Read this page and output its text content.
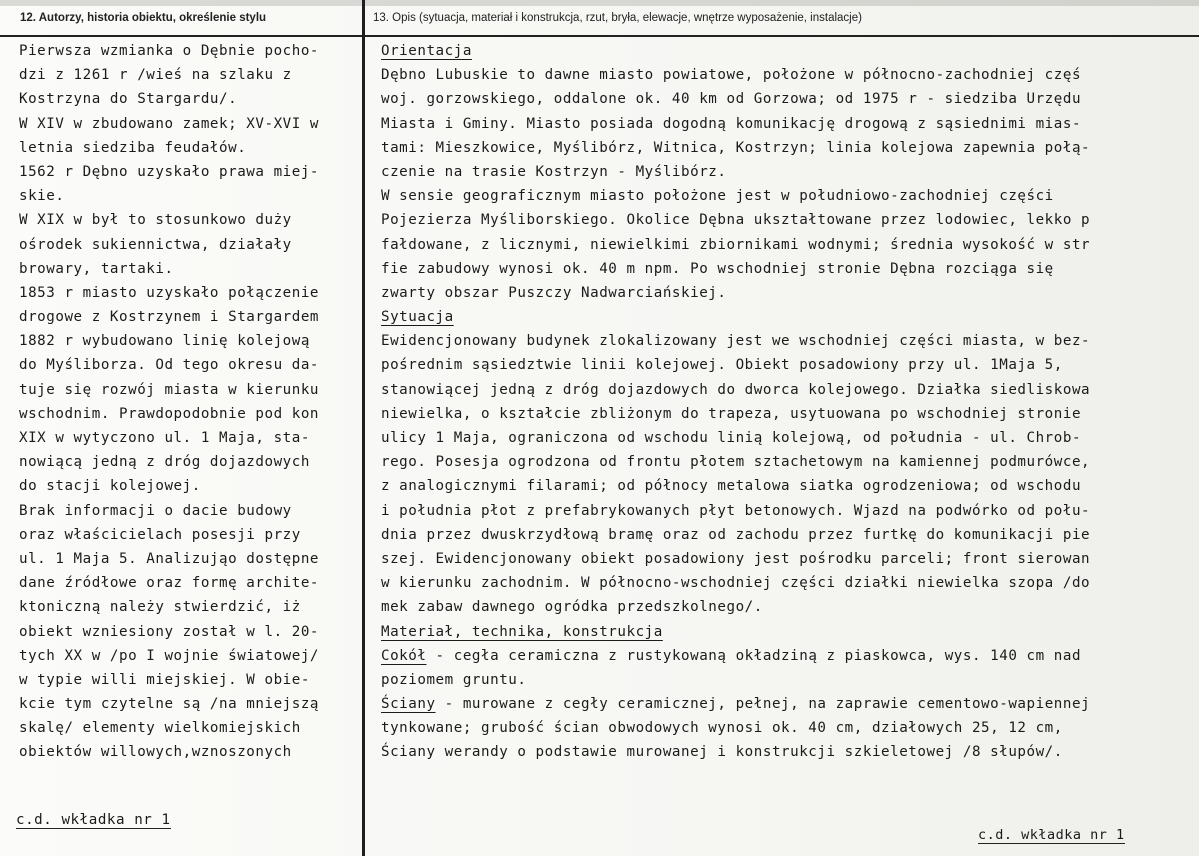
12. Autorzy, historia obiektu, określenie stylu	13. Opis (sytuacja, materiał i konstrukcja, rzut, bryła, elewacje, wnętrze wyposażenie, instalacje)
Pierwsza wzmianka o Dębnie pocho-
dzi z 1261 r /wieś na szlaku z
Kostrzyna do Stargardu/.
W XIV w zbudowano zamek; XV-XVI w
letnia siedziba feudałów.
1562 r Dębno uzyskało prawa miej-
skie.
W XIX w był to stosunkowo duży
ośrodek sukiennictwa, działały
browary, tartaki.
1853 r miasto uzyskało połączenie
drogowe z Kostrzynem i Stargardem
1882 r wybudowano linię kolejową
do Myśliborza. Od tego okresu da-
tuje się rozwój miasta w kierunku
wschodnim. Prawdopodobnie pod kon
XIX w wytyczono ul. 1 Maja, sta-
nowiącą jedną z dróg dojazdowych
do stacji kolejowej.
Brak informacji o dacie budowy
oraz właścicielach posesji przy
ul. 1 Maja 5. Analizująo dostępne
dane źródłowe oraz formę archite-
ktoniczną należy stwierdzić, iż
obiekt wzniesiony został w l. 20-
tych XX w /po I wojnie światowej/
w typie willi miejskiej. W obie-
kcie tym czytelne są /na mniejszą
skalę/ elementy wielkomiejskich
obiektów willowych,wznoszonych
Orientacja
Dębno Lubuskie to dawne miasto powiatowe, położone w północno-zachodniej częś
woj. gorzowskiego, oddalone ok. 40 km od Gorzowa; od 1975 r - siedziba Urzędu
Miasta i Gminy. Miasto posiada dogodną komunikację drogową z sąsiednimi mias-
tami: Mieszkowice, Myślibórz, Witnica, Kostrzyn; linia kolejowa zapewnia połą-
czenie na trasie Kostrzyn - Myślibórz.
W sensie geograficznym miasto położone jest w południowo-zachodniej części
Pojezierza Myśliborskiego. Okolice Dębna ukształtowane przez lodowiec, lekko p
fałdowane, z licznymi, niewielkimi zbiornikami wodnymi; średnia wysokość w str
fie zabudowy wynosi ok. 40 m npm. Po wschodniej stronie Dębna rozciąga się
zwarty obszar Puszczy Nadwarciańskiej.
Sytuacja
Ewidencjonowany budynek zlokalizowany jest we wschodniej części miasta, w bez-
pośrednim sąsiedztwie linii kolejowej. Obiekt posadowiony przy ul. 1Maja 5,
stanowiącej jedną z dróg dojazdowych do dworca kolejowego. Działka siedliskowa
niewielka, o kształcie zbliżonym do trapeza, usytuowana po wschodniej stronie
ulicy 1 Maja, ograniczona od wschodu linią kolejową, od południa - ul. Chrob-
rego. Posesja ogrodzona od frontu płotem sztachetowym na kamiennej podmurówce,
z analogicznymi filarami; od północy metalowa siatka ogrodzeniowa; od wschodu
i południa płot z prefabrykowanych płyt betonowych. Wjazd na podwórko od połu-
dnia przez dwuskrzydłową bramę oraz od zachodu przez furtkę do komunikacji pie
szej. Ewidencjonowany obiekt posadowiony jest pośrodku parceli; front sierowan
w kierunku zachodnim. W północno-wschodniej części działki niewielka szopa /do
mek zabaw dawnego ogródka przedszkolnego/.
Materiał, technika, konstrukcja
Cokół - cegła ceramiczna z rustykowaną okładziną z piaskowca, wys. 140 cm nad
poziomem gruntu.
Ściany - murowane z cegły ceramicznej, pełnej, na zaprawie cementowo-wapiennej
tynkowane; grubość ścian obwodowych wynosi ok. 40 cm, działowych 25, 12 cm,
Ściany werandy o podstawie murowanej i konstrukcji szkieletowej /8 słupów/.
c.d. wkładka nr 1
c.d. wkładka nr 1
